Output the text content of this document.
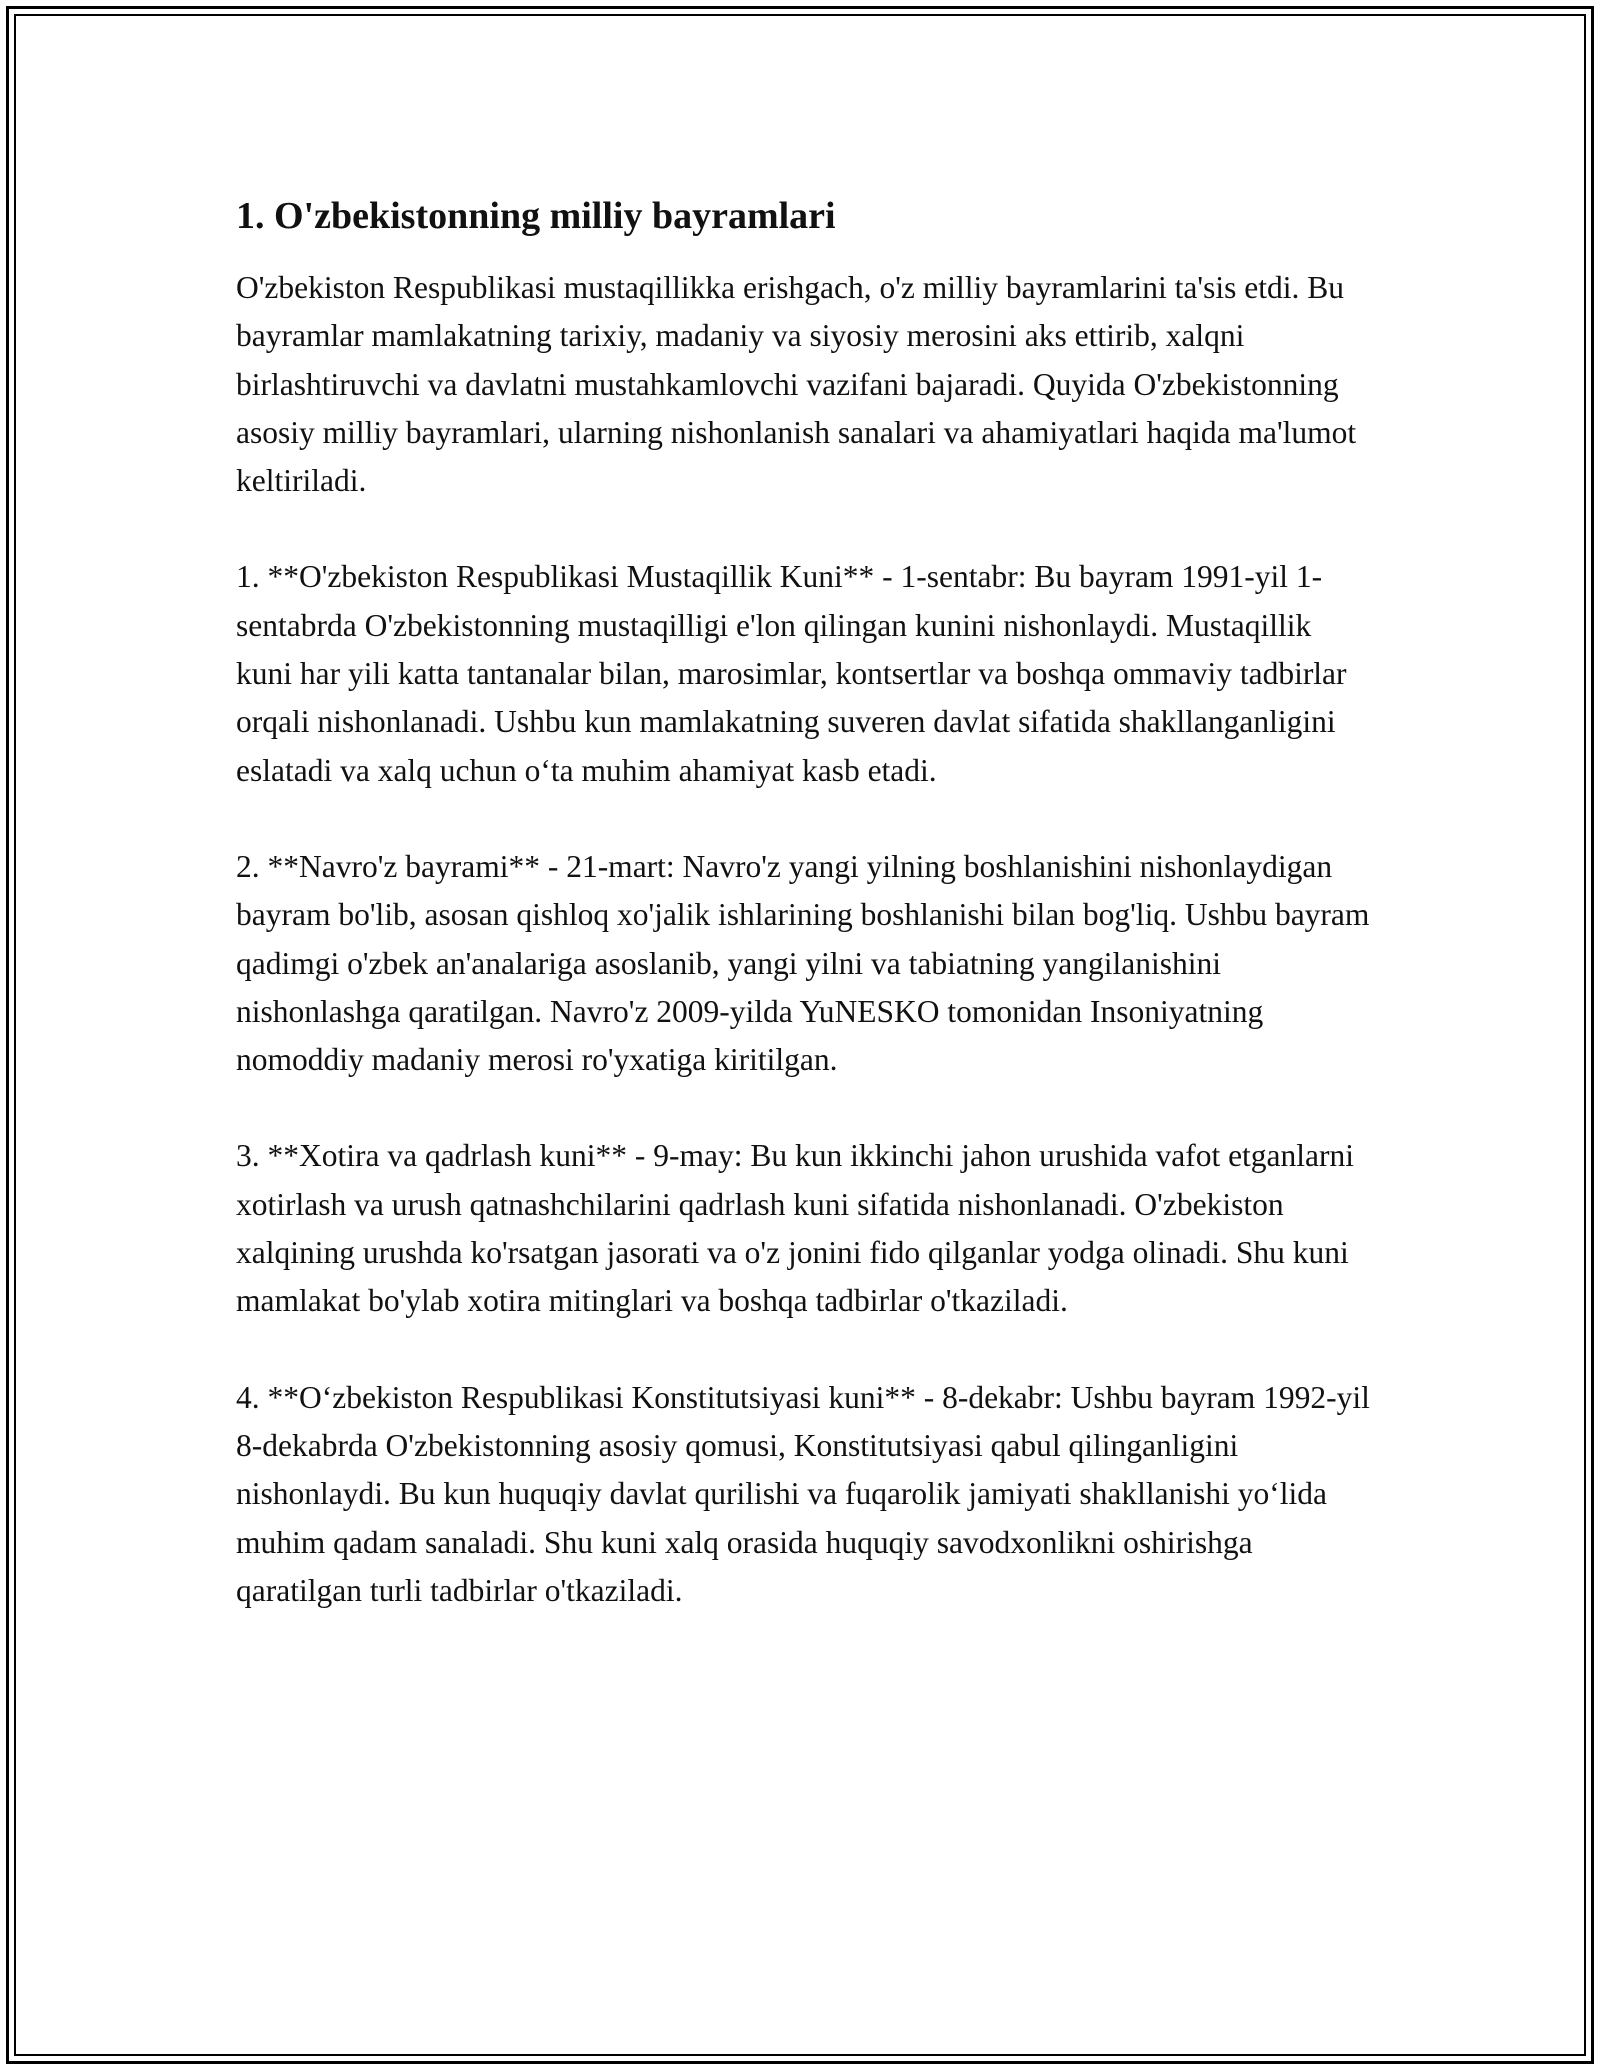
1. O'zbekistonning milliy bayramlari

O'zbekiston Respublikasi mustaqillikka erishgach, o'z milliy bayramlarini ta'sis etdi. Bu bayramlar mamlakatning tarixiy, madaniy va siyosiy merosini aks ettirib, xalqni birlashtiruvchi va davlatni mustahkamlovchi vazifani bajaradi. Quyida O'zbekistonning asosiy milliy bayramlari, ularning nishonlanish sanalari va ahamiyatlari haqida ma'lumot keltiriladi.

1. **O'zbekiston Respublikasi Mustaqillik Kuni** - 1-sentabr: Bu bayram 1991-yil 1-sentabrda O'zbekistonning mustaqilligi e'lon qilingan kunini nishonlaydi. Mustaqillik kuni har yili katta tantanalar bilan, marosimlar, kontsertlar va boshqa ommaviy tadbirlar orqali nishonlanadi. Ushbu kun mamlakatning suveren davlat sifatida shakllanganligini eslatadi va xalq uchun oʻta muhim ahamiyat kasb etadi.

2. **Navro'z bayrami** - 21-mart: Navro'z yangi yilning boshlanishini nishonlaydigan bayram bo'lib, asosan qishloq xo'jalik ishlarining boshlanishi bilan bog'liq. Ushbu bayram qadimgi o'zbek an'analariga asoslanib, yangi yilni va tabiatning yangilanishini nishonlashga qaratilgan. Navro'z 2009-yilda YuNESKO tomonidan Insoniyatning nomoddiy madaniy merosi ro'yxatiga kiritilgan.

3. **Xotira va qadrlash kuni** - 9-may: Bu kun ikkinchi jahon urushida vafot etganlarni xotirlash va urush qatnashchilarini qadrlash kuni sifatida nishonlanadi. O'zbekiston xalqining urushda ko'rsatgan jasorati va o'z jonini fido qilganlar yodga olinadi. Shu kuni mamlakat bo'ylab xotira mitinglari va boshqa tadbirlar o'tkaziladi.

4. **Oʻzbekiston Respublikasi Konstitutsiyasi kuni** - 8-dekabr: Ushbu bayram 1992-yil 8-dekabrda O'zbekistonning asosiy qomusi, Konstitutsiyasi qabul qilinganligini nishonlaydi. Bu kun huquqiy davlat qurilishi va fuqarolik jamiyati shakllanishi yoʻlida muhim qadam sanaladi. Shu kuni xalq orasida huquqiy savodxonlikni oshirishga qaratilgan turli tadbirlar o'tkaziladi.
